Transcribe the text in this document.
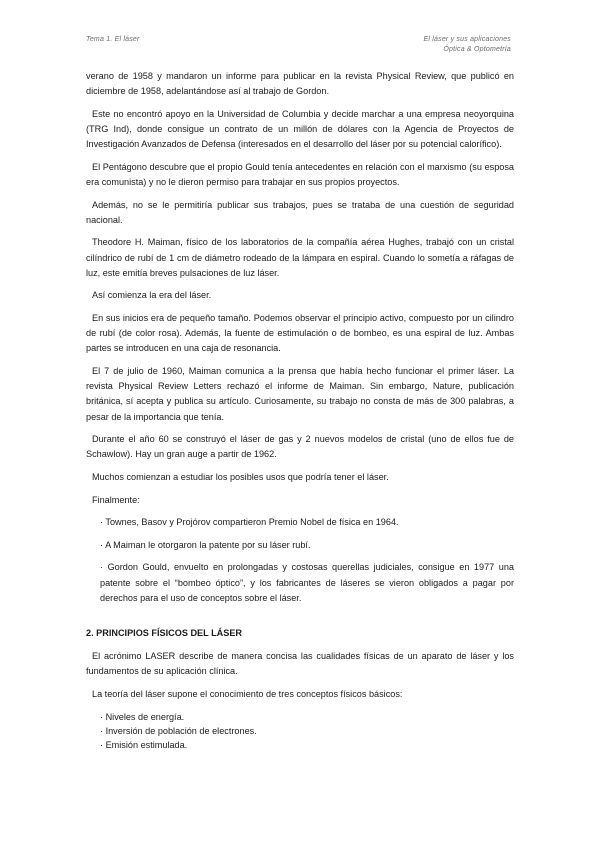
Tema 1. El láser	El láser y sus aplicaciones
Óptica & Optometría

verano de 1958 y mandaron un informe para publicar en la revista Physical Review, que publicó en diciembre de 1958, adelantándose así al trabajo de Gordon.

Este no encontró apoyo en la Universidad de Columbia y decide marchar a una empresa neoyorquina (TRG Ind), donde consigue un contrato de un millón de dólares con la Agencia de Proyectos de Investigación Avanzados de Defensa (interesados en el desarrollo del láser por su potencial calorífico).

El Pentágono descubre que el propio Gould tenía antecedentes en relación con el marxismo (su esposa era comunista) y no le dieron permiso para trabajar en sus propios proyectos.

Además, no se le permitiría publicar sus trabajos, pues se trataba de una cuestión de seguridad nacional.

Theodore H. Maiman, físico de los laboratorios de la compañía aérea Hughes, trabajó con un cristal cilíndrico de rubí de 1 cm de diámetro rodeado de la lámpara en espiral. Cuando lo sometía a ráfagas de luz, este emitía breves pulsaciones de luz láser.

Así comienza la era del láser.

En sus inicios era de pequeño tamaño. Podemos observar el principio activo, compuesto por un cilindro de rubí (de color rosa). Además, la fuente de estimulación o de bombeo, es una espiral de luz. Ambas partes se introducen en una caja de resonancia.

El 7 de julio de 1960, Maiman comunica a la prensa que había hecho funcionar el primer láser. La revista Physical Review Letters rechazó el informe de Maiman. Sin embargo, Nature, publicación británica, sí acepta y publica su artículo. Curiosamente, su trabajo no consta de más de 300 palabras, a pesar de la importancia que tenía.

Durante el año 60 se construyó el láser de gas y 2 nuevos modelos de cristal (uno de ellos fue de Schawlow). Hay un gran auge a partir de 1962.

Muchos comienzan a estudiar los posibles usos que podría tener el láser.

Finalmente:

· Townes, Basov y Projórov compartieron Premio Nobel de física en 1964.

· A Maiman le otorgaron la patente por su láser rubí.

· Gordon Gould, envuelto en prolongadas y costosas querellas judiciales, consigue en 1977 una patente sobre el “bombeo óptico”, y los fabricantes de láseres se vieron obligados a pagar por derechos para el uso de conceptos sobre el láser.

2. PRINCIPIOS FÍSICOS DEL LÁSER

El acrónimo LASER describe de manera concisa las cualidades físicas de un aparato de láser y los fundamentos de su aplicación clínica.

La teoría del láser supone el conocimiento de tres conceptos físicos básicos:

· Niveles de energía.
· Inversión de población de electrones.
· Emisión estimulada.
